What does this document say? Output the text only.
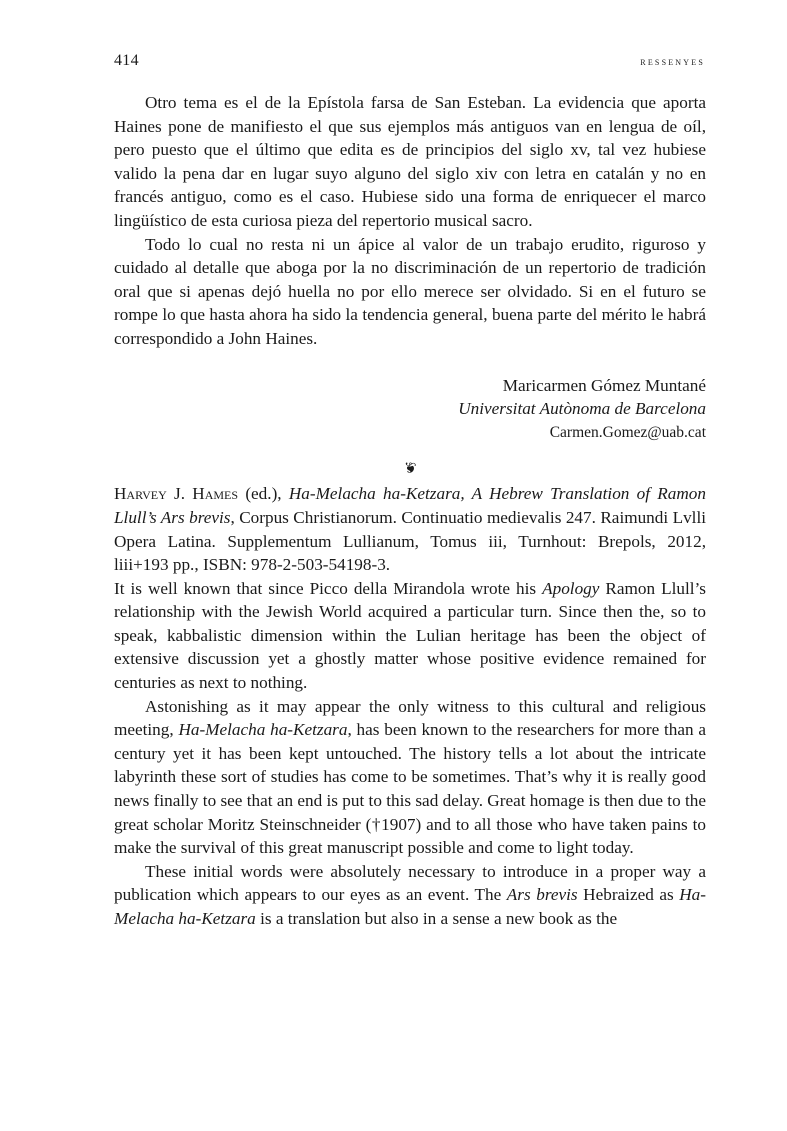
414	ressenyes

Otro tema es el de la Epístola farsa de San Esteban. La evidencia que aporta Haines pone de manifiesto el que sus ejemplos más antiguos van en lengua de oíl, pero puesto que el último que edita es de principios del siglo xv, tal vez hubiese valido la pena dar en lugar suyo alguno del siglo xiv con letra en catalán y no en francés antiguo, como es el caso. Hubiese sido una forma de enriquecer el marco lingüístico de esta curiosa pieza del repertorio musical sacro.

Todo lo cual no resta ni un ápice al valor de un trabajo erudito, riguroso y cuidado al detalle que aboga por la no discriminación de un repertorio de tradición oral que si apenas dejó huella no por ello merece ser olvidado. Si en el futuro se rompe lo que hasta ahora ha sido la tendencia general, buena parte del mérito le habrá correspondido a John Haines.

Maricarmen Gómez Muntané
Universitat Autònoma de Barcelona
Carmen.Gomez@uab.cat
❦

Harvey J. Hames (ed.), Ha-Melacha ha-Ketzara, A Hebrew Translation of Ramon Llull’s Ars brevis, Corpus Christianorum. Continuatio medievalis 247. Raimundi Lvlli Opera Latina. Supplementum Lullianum, Tomus iii, Turnhout: Brepols, 2012, liii+193 pp., ISBN: 978-2-503-54198-3.

It is well known that since Picco della Mirandola wrote his Apology Ramon Llull’s relationship with the Jewish World acquired a particular turn. Since then the, so to speak, kabbalistic dimension within the Lulian heritage has been the object of extensive discussion yet a ghostly matter whose positive evidence remained for centuries as next to nothing.

Astonishing as it may appear the only witness to this cultural and religious meeting, Ha-Melacha ha-Ketzara, has been known to the researchers for more than a century yet it has been kept untouched. The history tells a lot about the intricate labyrinth these sort of studies has come to be sometimes. That’s why it is really good news finally to see that an end is put to this sad delay. Great homage is then due to the great scholar Moritz Steinschneider (†1907) and to all those who have taken pains to make the survival of this great manuscript possible and come to light today.

These initial words were absolutely necessary to introduce in a proper way a publication which appears to our eyes as an event. The Ars brevis Hebraized as Ha-Melacha ha-Ketzara is a translation but also in a sense a new book as the
